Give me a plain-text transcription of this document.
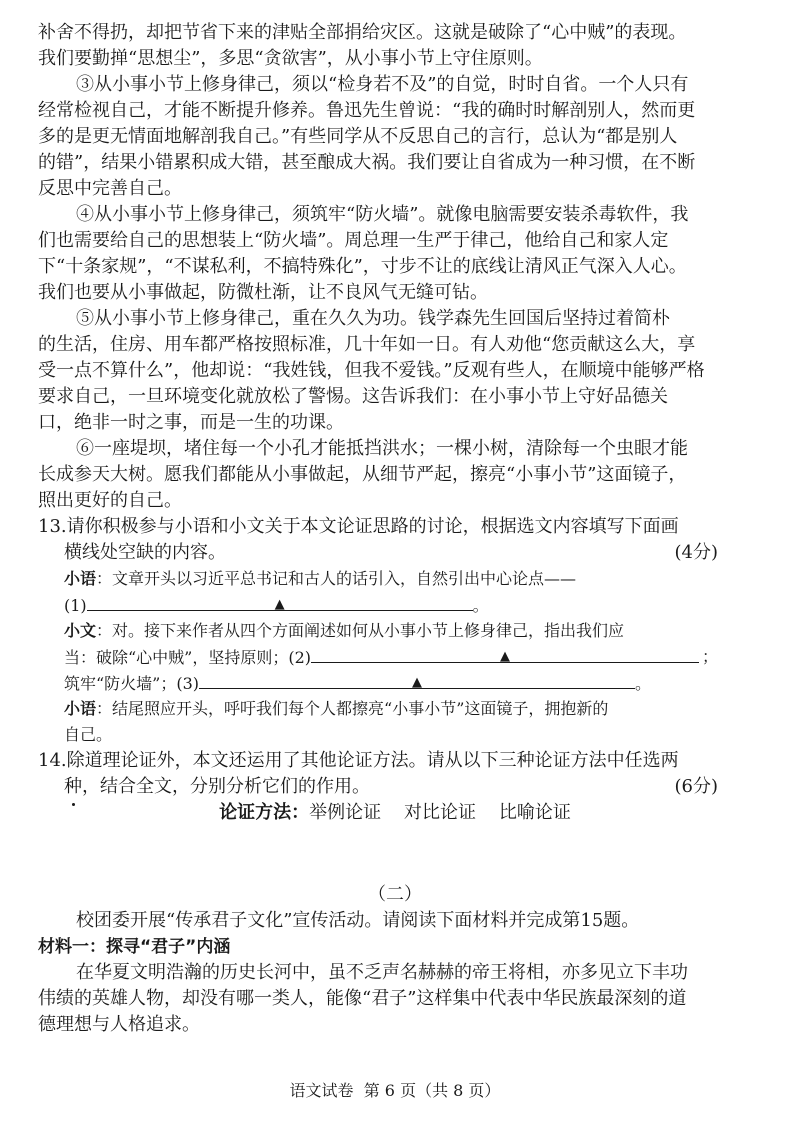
补舍不得扔，却把节省下来的津贴全部捐给灾区。这就是破除了“心中贼”的表现。
我们要勤掸“思想尘”，多思“贪欲害”，从小事小节上守住原则。
③从小事小节上修身律己，须以“检身若不及”的自觉，时时自省。一个人只有
经常检视自己，才能不断提升修养。鲁迅先生曾说：“我的确时时解剖别人，然而更
多的是更无情面地解剖我自己。”有些同学从不反思自己的言行，总认为“都是别人
的错”，结果小错累积成大错，甚至酿成大祸。我们要让自省成为一种习惯，在不断
反思中完善自己。
④从小事小节上修身律己，须筑牢“防火墙”。就像电脑需要安装杀毒软件，我
们也需要给自己的思想装上“防火墙”。周总理一生严于律己，他给自己和家人定
下“十条家规”，“不谋私利，不搞特殊化”，寸步不让的底线让清风正气深入人心。
我们也要从小事做起，防微杜渐，让不良风气无缝可钻。
⑤从小事小节上修身律己，重在久久为功。钱学森先生回国后坚持过着简朴
的生活，住房、用车都严格按照标准，几十年如一日。有人劝他“您贡献这么大，享
受一点不算什么”，他却说：“我姓钱，但我不爱钱。”反观有些人，在顺境中能够严格
要求自己，一旦环境变化就放松了警惕。这告诉我们：在小事小节上守好品德关
口，绝非一时之事，而是一生的功课。
⑥一座堤坝，堵住每一个小孔才能抵挡洪水；一棵小树，清除每一个虫眼才能
长成参天大树。愿我们都能从小事做起，从细节严起，擦亮“小事小节”这面镜子，
照出更好的自己。
13.请你积极参与小语和小文关于本文论证思路的讨论，根据选文内容填写下面画
横线处空缺的内容。	(4分)
小语：文章开头以习近平总书记和古人的话引入，自然引出中心论点——
(1)	▲	。
小文：对。接下来作者从四个方面阐述如何从小事小节上修身律己，指出我们应
当：破除“心中贼”，坚持原则；(2)	▲	；
筑牢“防火墙”；(3)	▲	。
小语：结尾照应开头，呼吁我们每个人都擦亮“小事小节”这面镜子，拥抱新的
自己。
14.除道理论证外，本文还运用了其他论证方法。请从以下三种论证方法中任选两
种，结合全文，分别分析它们的作用。	(6分)
论证方法：举例论证    对比论证    比喻论证
（二）
校团委开展“传承君子文化”宣传活动。请阅读下面材料并完成第15题。
材料一：探寻“君子”内涵
在华夏文明浩瀚的历史长河中，虽不乏声名赫赫的帝王将相，亦多见立下丰功
伟绩的英雄人物，却没有哪一类人，能像“君子”这样集中代表中华民族最深刻的道
德理想与人格追求。
语文试卷  第 6 页（共 8 页）
